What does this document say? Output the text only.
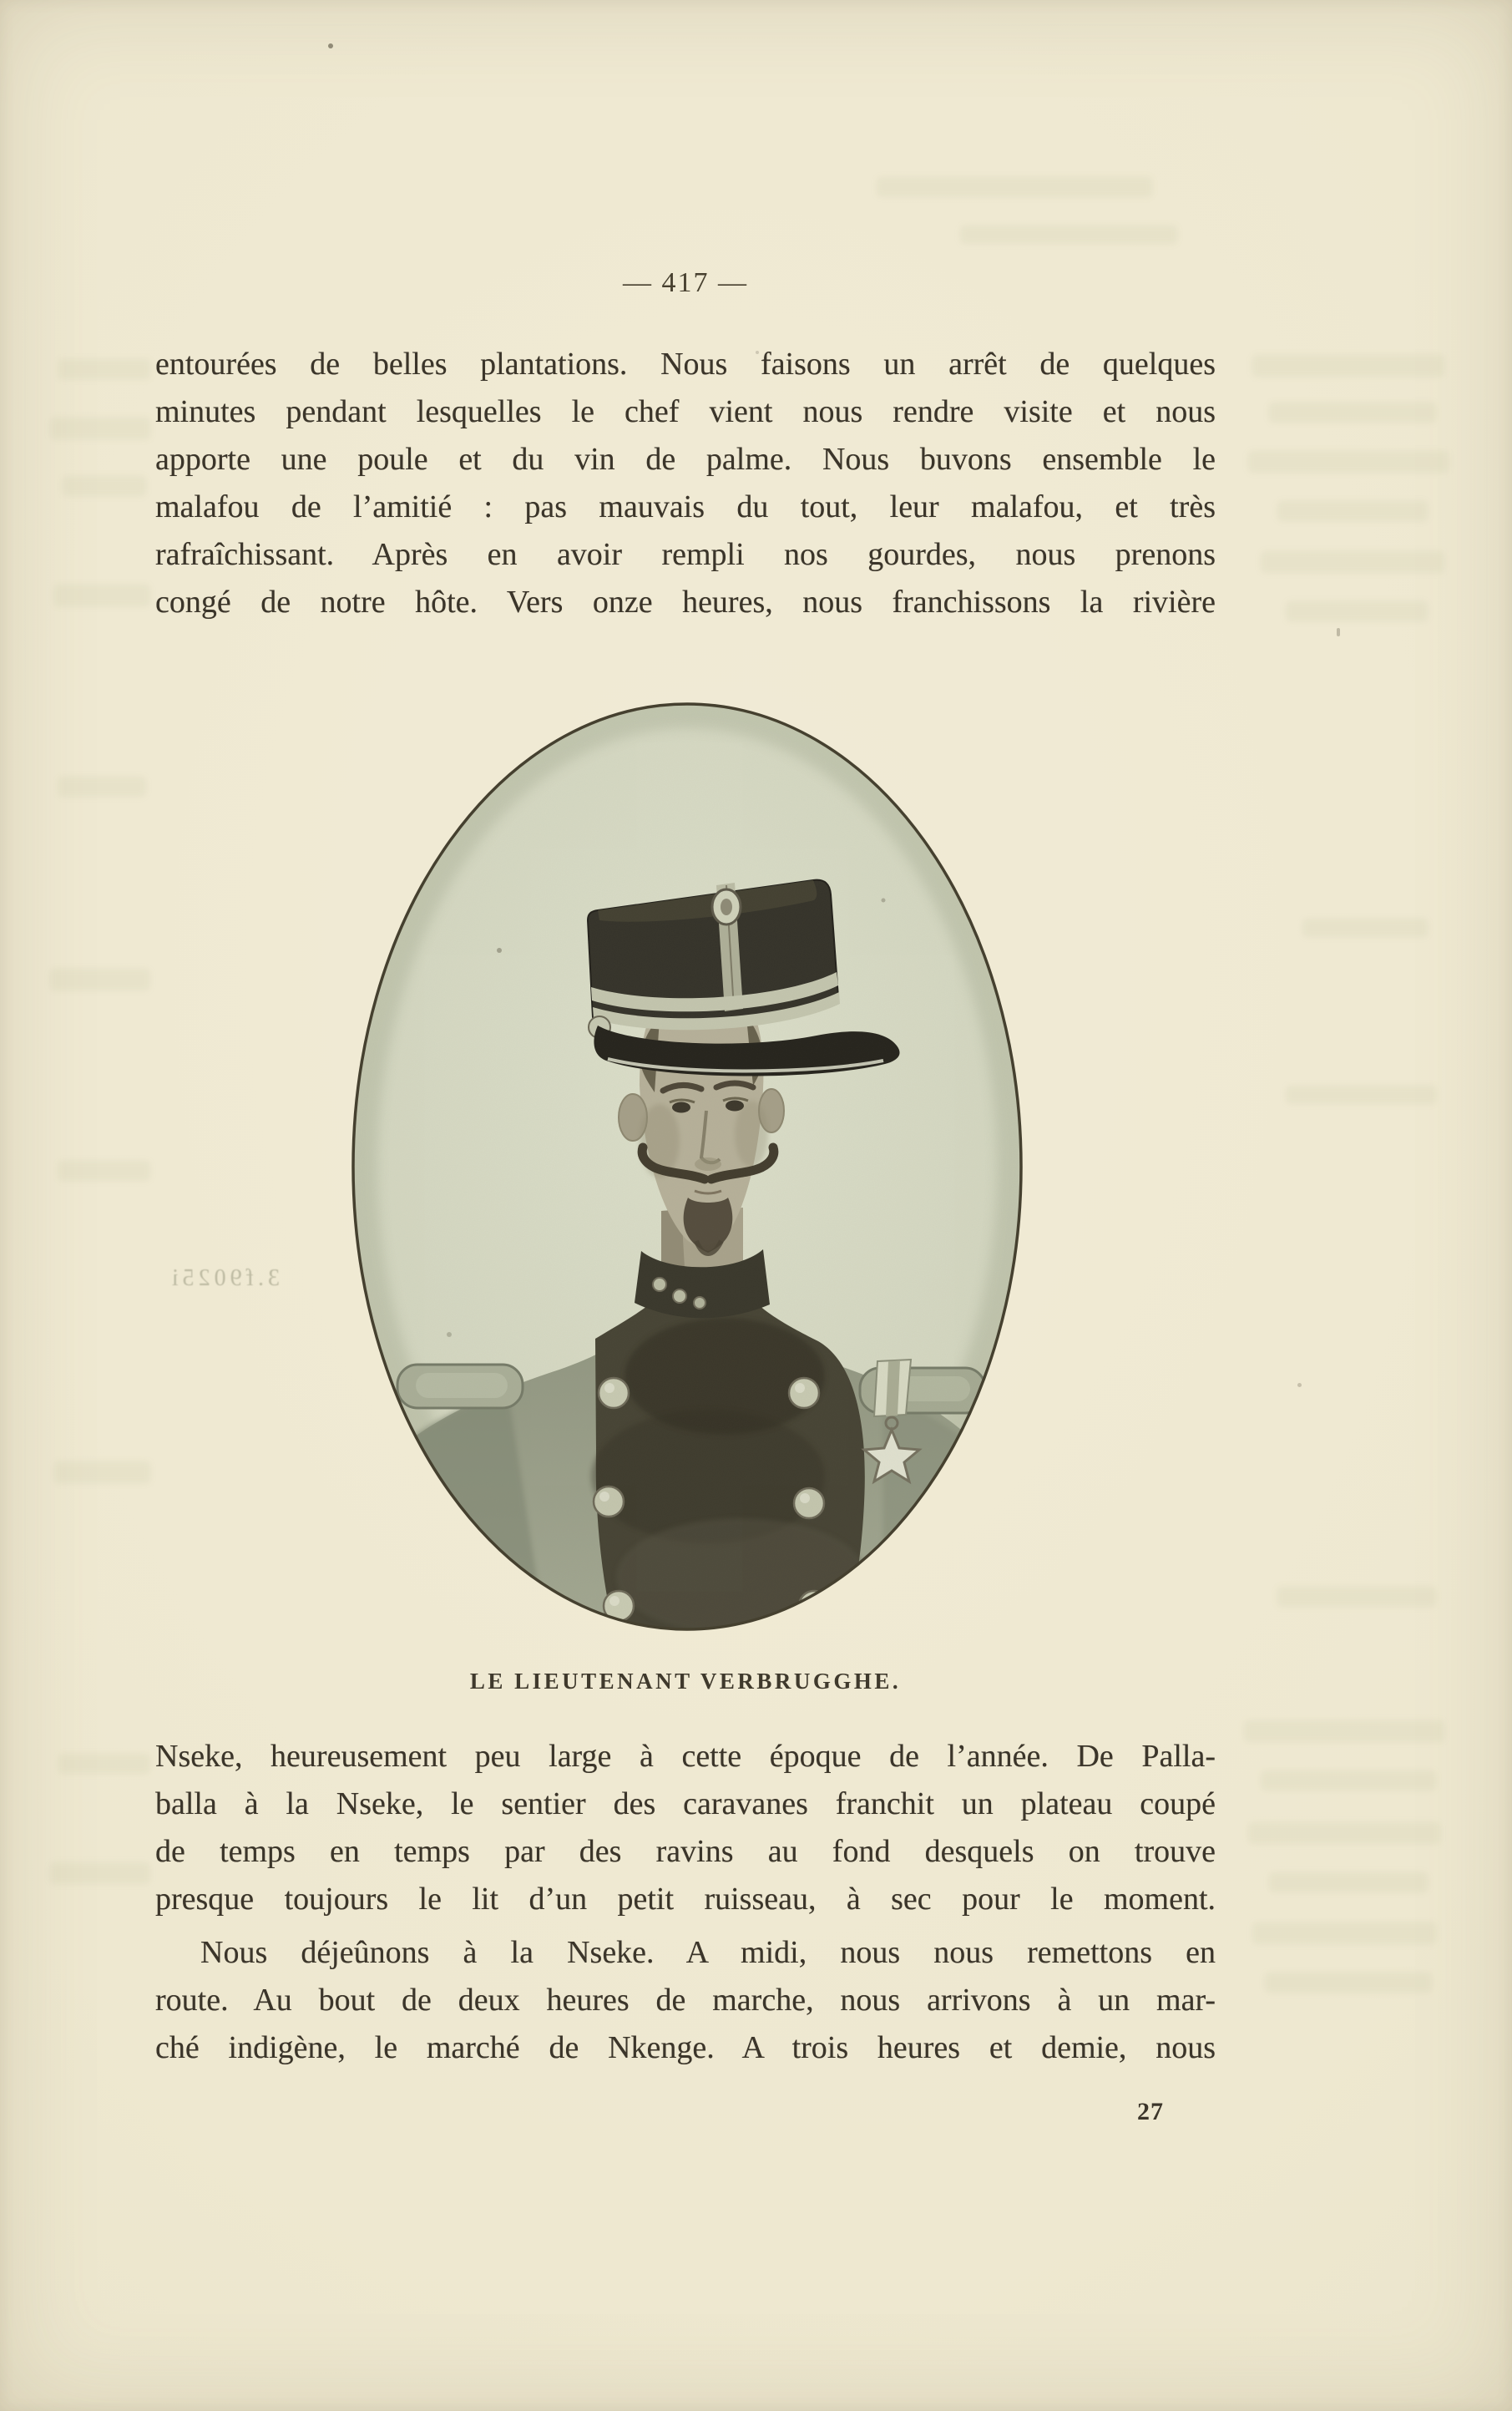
3.f9025i
— 417 —
entourées de belles plantations. Nous faisons un arrêt de quelques
minutes pendant lesquelles le chef vient nous rendre visite et nous
apporte une poule et du vin de palme. Nous buvons ensemble le
malafou de l’amitié : pas mauvais du tout, leur malafou, et très
rafraîchissant. Après en avoir rempli nos gourdes, nous prenons
congé de notre hôte. Vers onze heures, nous franchissons la rivière
LE LIEUTENANT VERBRUGGHE.
Nseke, heureusement peu large à cette époque de l’année. De Palla-
balla à la Nseke, le sentier des caravanes franchit un plateau coupé
de temps en temps par des ravins au fond desquels on trouve
presque toujours le lit d’un petit ruisseau, à sec pour le moment.
Nous déjeûnons à la Nseke. A midi, nous nous remettons en
route. Au bout de deux heures de marche, nous arrivons à un mar-
ché indigène, le marché de Nkenge. A trois heures et demie, nous
27
